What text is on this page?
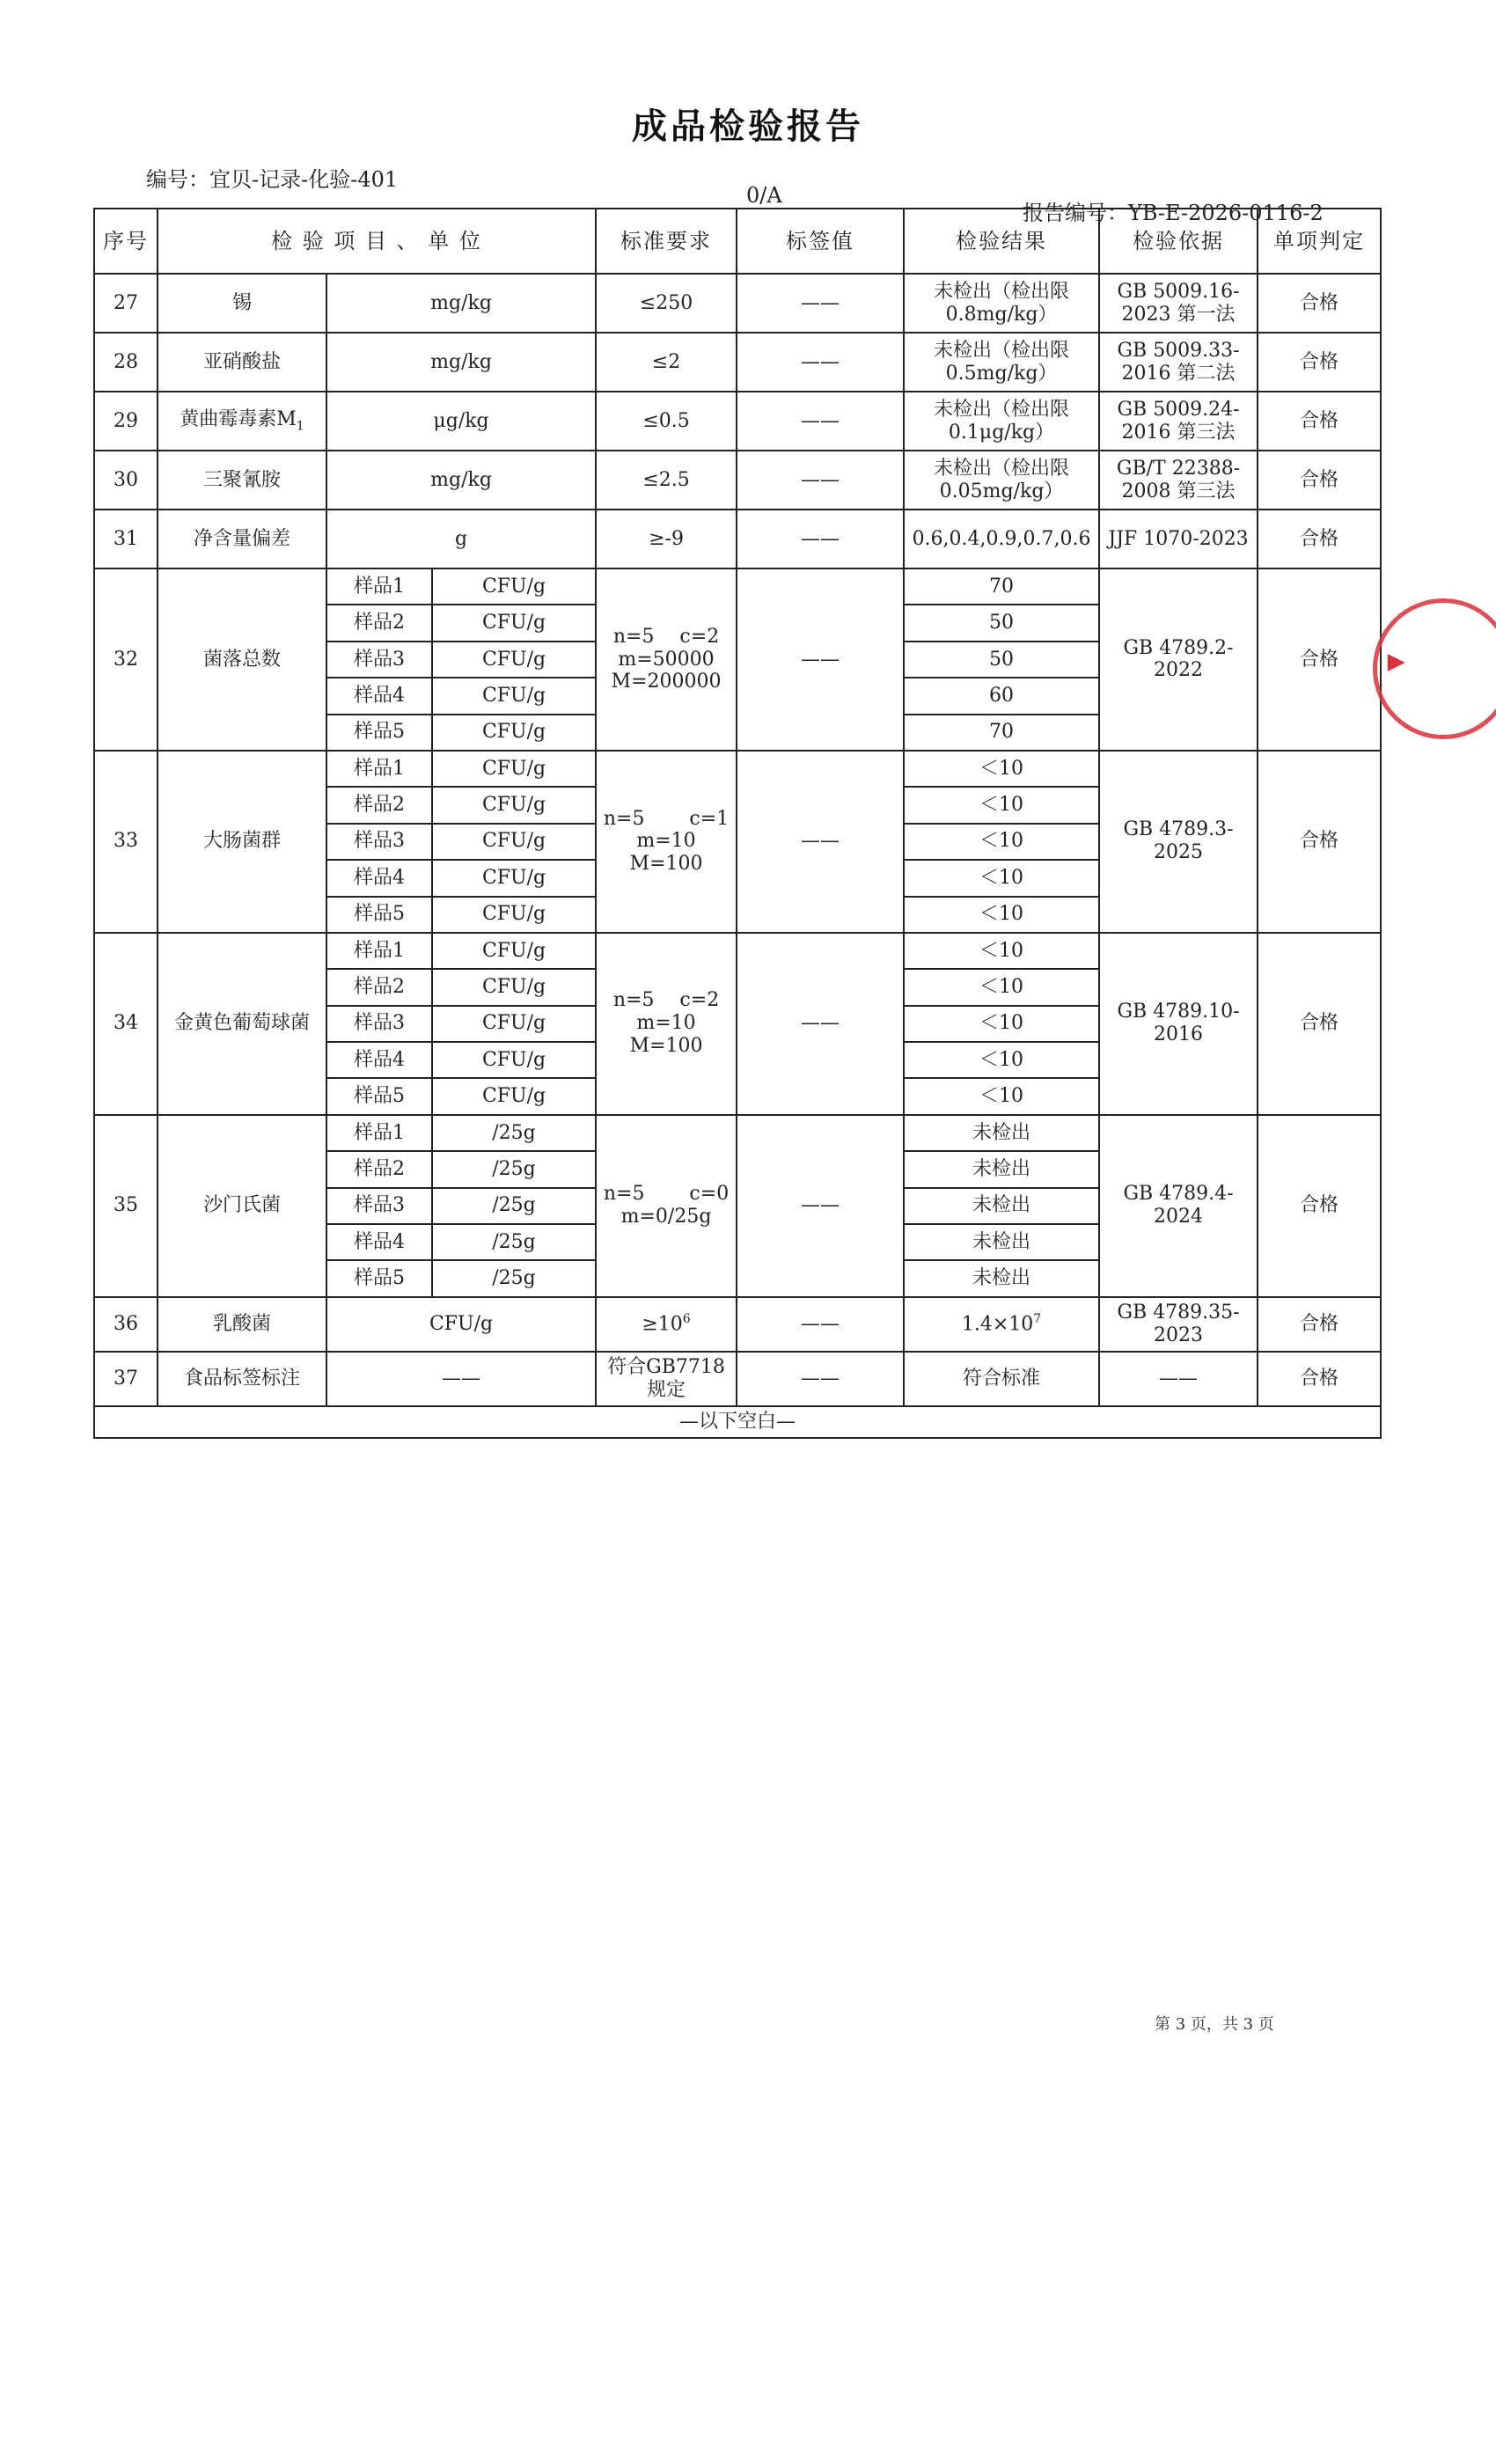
成品检验报告
编号：宜贝-记录-化验-401
0/A
报告编号：YB-E-2026-0116-2
序号	检 验 项 目 、 单 位			标准要求	标签值	检验结果	检验依据	单项判定
27	锡	mg/kg		≤250	——	未检出（检出限0.8mg/kg）	GB 5009.16-2023 第一法	合格
28	亚硝酸盐	mg/kg		≤2	——	未检出（检出限0.5mg/kg）	GB 5009.33-2016 第二法	合格
29	黄曲霉毒素$M_1$	μg/kg		≤0.5	——	未检出（检出限0.1μg/kg）	GB 5009.24-2016 第三法	合格
30	三聚氰胺	mg/kg		≤2.5	——	未检出（检出限0.05mg/kg）	GB/T 22388-2008 第三法	合格
31	净含量偏差	g		≥-9	——	0.6,0.4,0.9,0.7,0.6	JJF 1070-2023	合格
32	菌落总数	样品1	CFU/g	n=5　 c=2
m=50000 M=200000	——	70	GB 4789.2-2022	合格
		样品2	CFU/g			50		
		样品3	CFU/g			50		
		样品4	CFU/g			60		
		样品5	CFU/g			70		
33	大肠菌群	样品1	CFU/g	n=5　　 c=1
m=10 M=100	——	＜10	GB 4789.3-2025	合格
		样品2	CFU/g			＜10		
		样品3	CFU/g			＜10		
		样品4	CFU/g			＜10		
		样品5	CFU/g			＜10		
34	金黄色葡萄球菌	样品1	CFU/g	n=5　 c=2
m=10 M=100	——	＜10	GB 4789.10-2016	合格
		样品2	CFU/g			＜10		
		样品3	CFU/g			＜10		
		样品4	CFU/g			＜10		
		样品5	CFU/g			＜10		
35	沙门氏菌	样品1	/25g	n=5　　 c=0
m=0/25g	——	未检出	GB 4789.4-2024	合格
		样品2	/25g			未检出		
		样品3	/25g			未检出		
		样品4	/25g			未检出		
		样品5	/25g			未检出		
36	乳酸菌	CFU/g		$\ge 10^6$	——	$1.4\times 10^7$	GB 4789.35-2023	合格
37	食品标签标注	——		符合GB7718规定	——	符合标准	——	合格
—以下空白—								
▲
第 3 页，共 3 页
